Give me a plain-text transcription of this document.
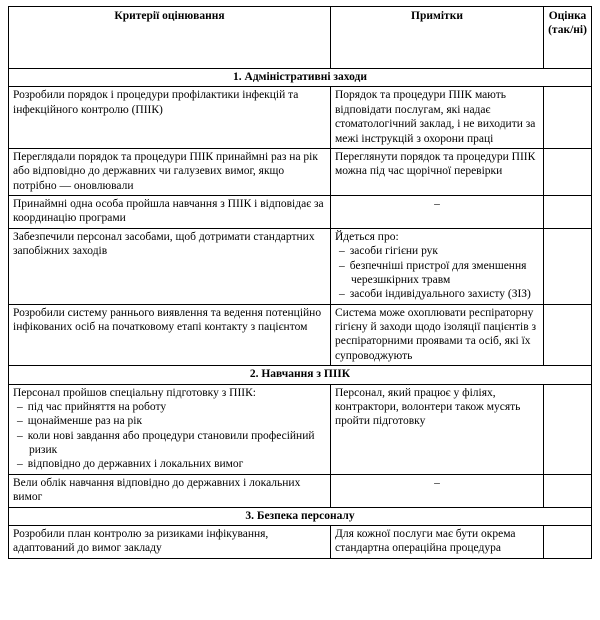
Критерії оцінювання	Примітки	Оцінка (так/ні)
1. Адміністративні заходи		

Розробили порядок і процедури профілактики інфекцій та інфекційного контролю (ПІІК)	Порядок та процедури ПІІК мають відповідати послугам, які надає стоматологічний заклад, і не виходити за межі інструкцій з охорони праці	

Переглядали порядок та процедури ПІІК принаймні раз на рік або відповідно до державних чи галузевих вимог, якщо потрібно — оновлювали	Переглянути порядок та процедури ПІІК можна під час щорічної перевірки	

Принаймні одна особа пройшла навчання з ПІІК і відповідає за координацію програми	–	

Забезпечили персонал засобами, щоб дотримати стандартних запобіжних заходів	Йдеться про:
– засоби гігієни рук
– безпечніші пристрої для зменшення черезшкірних травм
– засоби індивідуального захисту (ЗІЗ)

Розробили систему раннього виявлення та ведення потенційно інфікованих осіб на початковому етапі контакту з пацієнтом	Система може охоплювати респіраторну гігієну й заходи щодо ізоляції пацієнтів з респіраторними проявами та осіб, які їх супроводжують	

2. Навчання з ПІІК		

Персонал пройшов спеціальну підготовку з ПІІК:
– під час прийняття на роботу
– щонайменше раз на рік
– коли нові завдання або процедури становили професійний ризик
– відповідно до державних і локальних вимог	Персонал, який працює у філіях, контрактори, волонтери також мусять пройти підготовку	

Вели облік навчання відповідно до державних і локальних вимог	–	

3. Безпека персоналу		

Розробили план контролю за ризиками інфікування, адаптований до вимог закладу	Для кожної послуги має бути окрема стандартна операційна процедура	
